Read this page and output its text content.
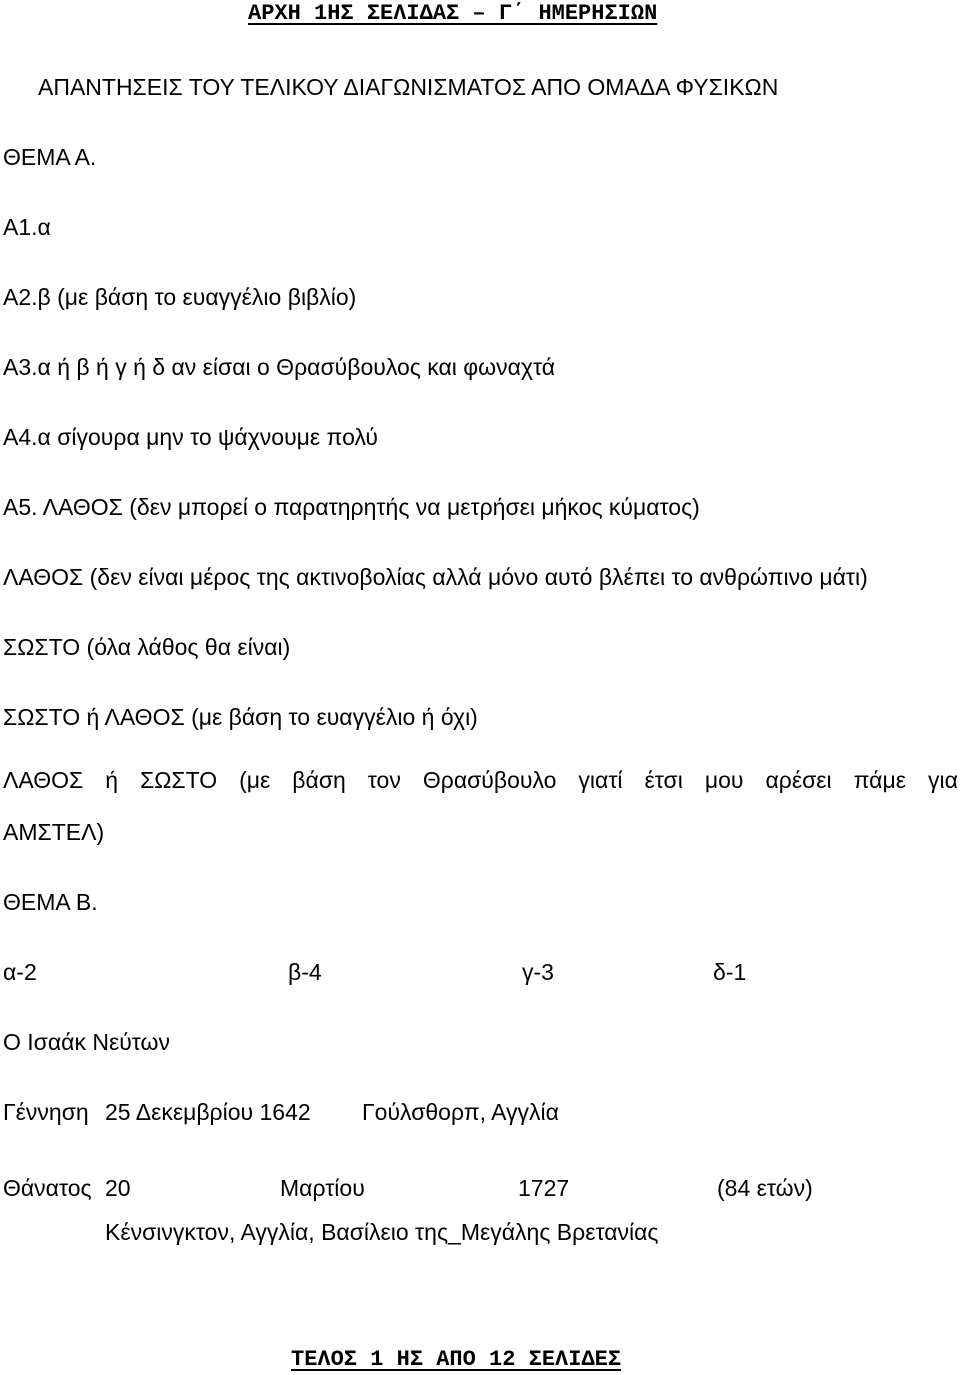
ΑΡΧΗ 1ΗΣ ΣΕΛΙΔΑΣ – Γ΄ ΗΜΕΡΗΣΙΩΝ
ΑΠΑΝΤΗΣΕΙΣ ΤΟΥ ΤΕΛΙΚΟΥ ΔΙΑΓΩΝΙΣΜΑΤΟΣ ΑΠΟ ΟΜΑΔΑ ΦΥΣΙΚΩΝ
ΘΕΜΑ Α.
Α1.α
Α2.β (με βάση το ευαγγέλιο βιβλίο)
Α3.α ή β ή γ ή δ αν είσαι ο Θρασύβουλος και φωναχτά
Α4.α σίγουρα μην το ψάχνουμε πολύ
Α5. ΛΑΘΟΣ (δεν μπορεί ο παρατηρητής να μετρήσει μήκος κύματος)
ΛΑΘΟΣ (δεν είναι μέρος της ακτινοβολίας αλλά μόνο αυτό βλέπει το ανθρώπινο μάτι)
ΣΩΣΤΟ (όλα λάθος θα είναι)
ΣΩΣΤΟ ή ΛΑΘΟΣ (με βάση το ευαγγέλιο ή όχι)
ΛΑΘΟΣ ή ΣΩΣΤΟ (με βάση τον Θρασύβουλο γιατί έτσι μου αρέσει πάμε για
ΑΜΣΤΕΛ)
ΘΕΜΑ Β.
α-2	β-4	γ-3	δ-1
Ο Ισαάκ Νεύτων
Γέννηση 25 Δεκεμβρίου 1642 Γούλσθορπ, Αγγλία
Θάνατος 20	Μαρτίου	1727	(84 ετών)
Κένσινγκτον, Αγγλία, Βασίλειο της_Μεγάλης Βρετανίας
ΤΕΛΟΣ 1 ΗΣ ΑΠΟ 12 ΣΕΛΙΔΕΣ
